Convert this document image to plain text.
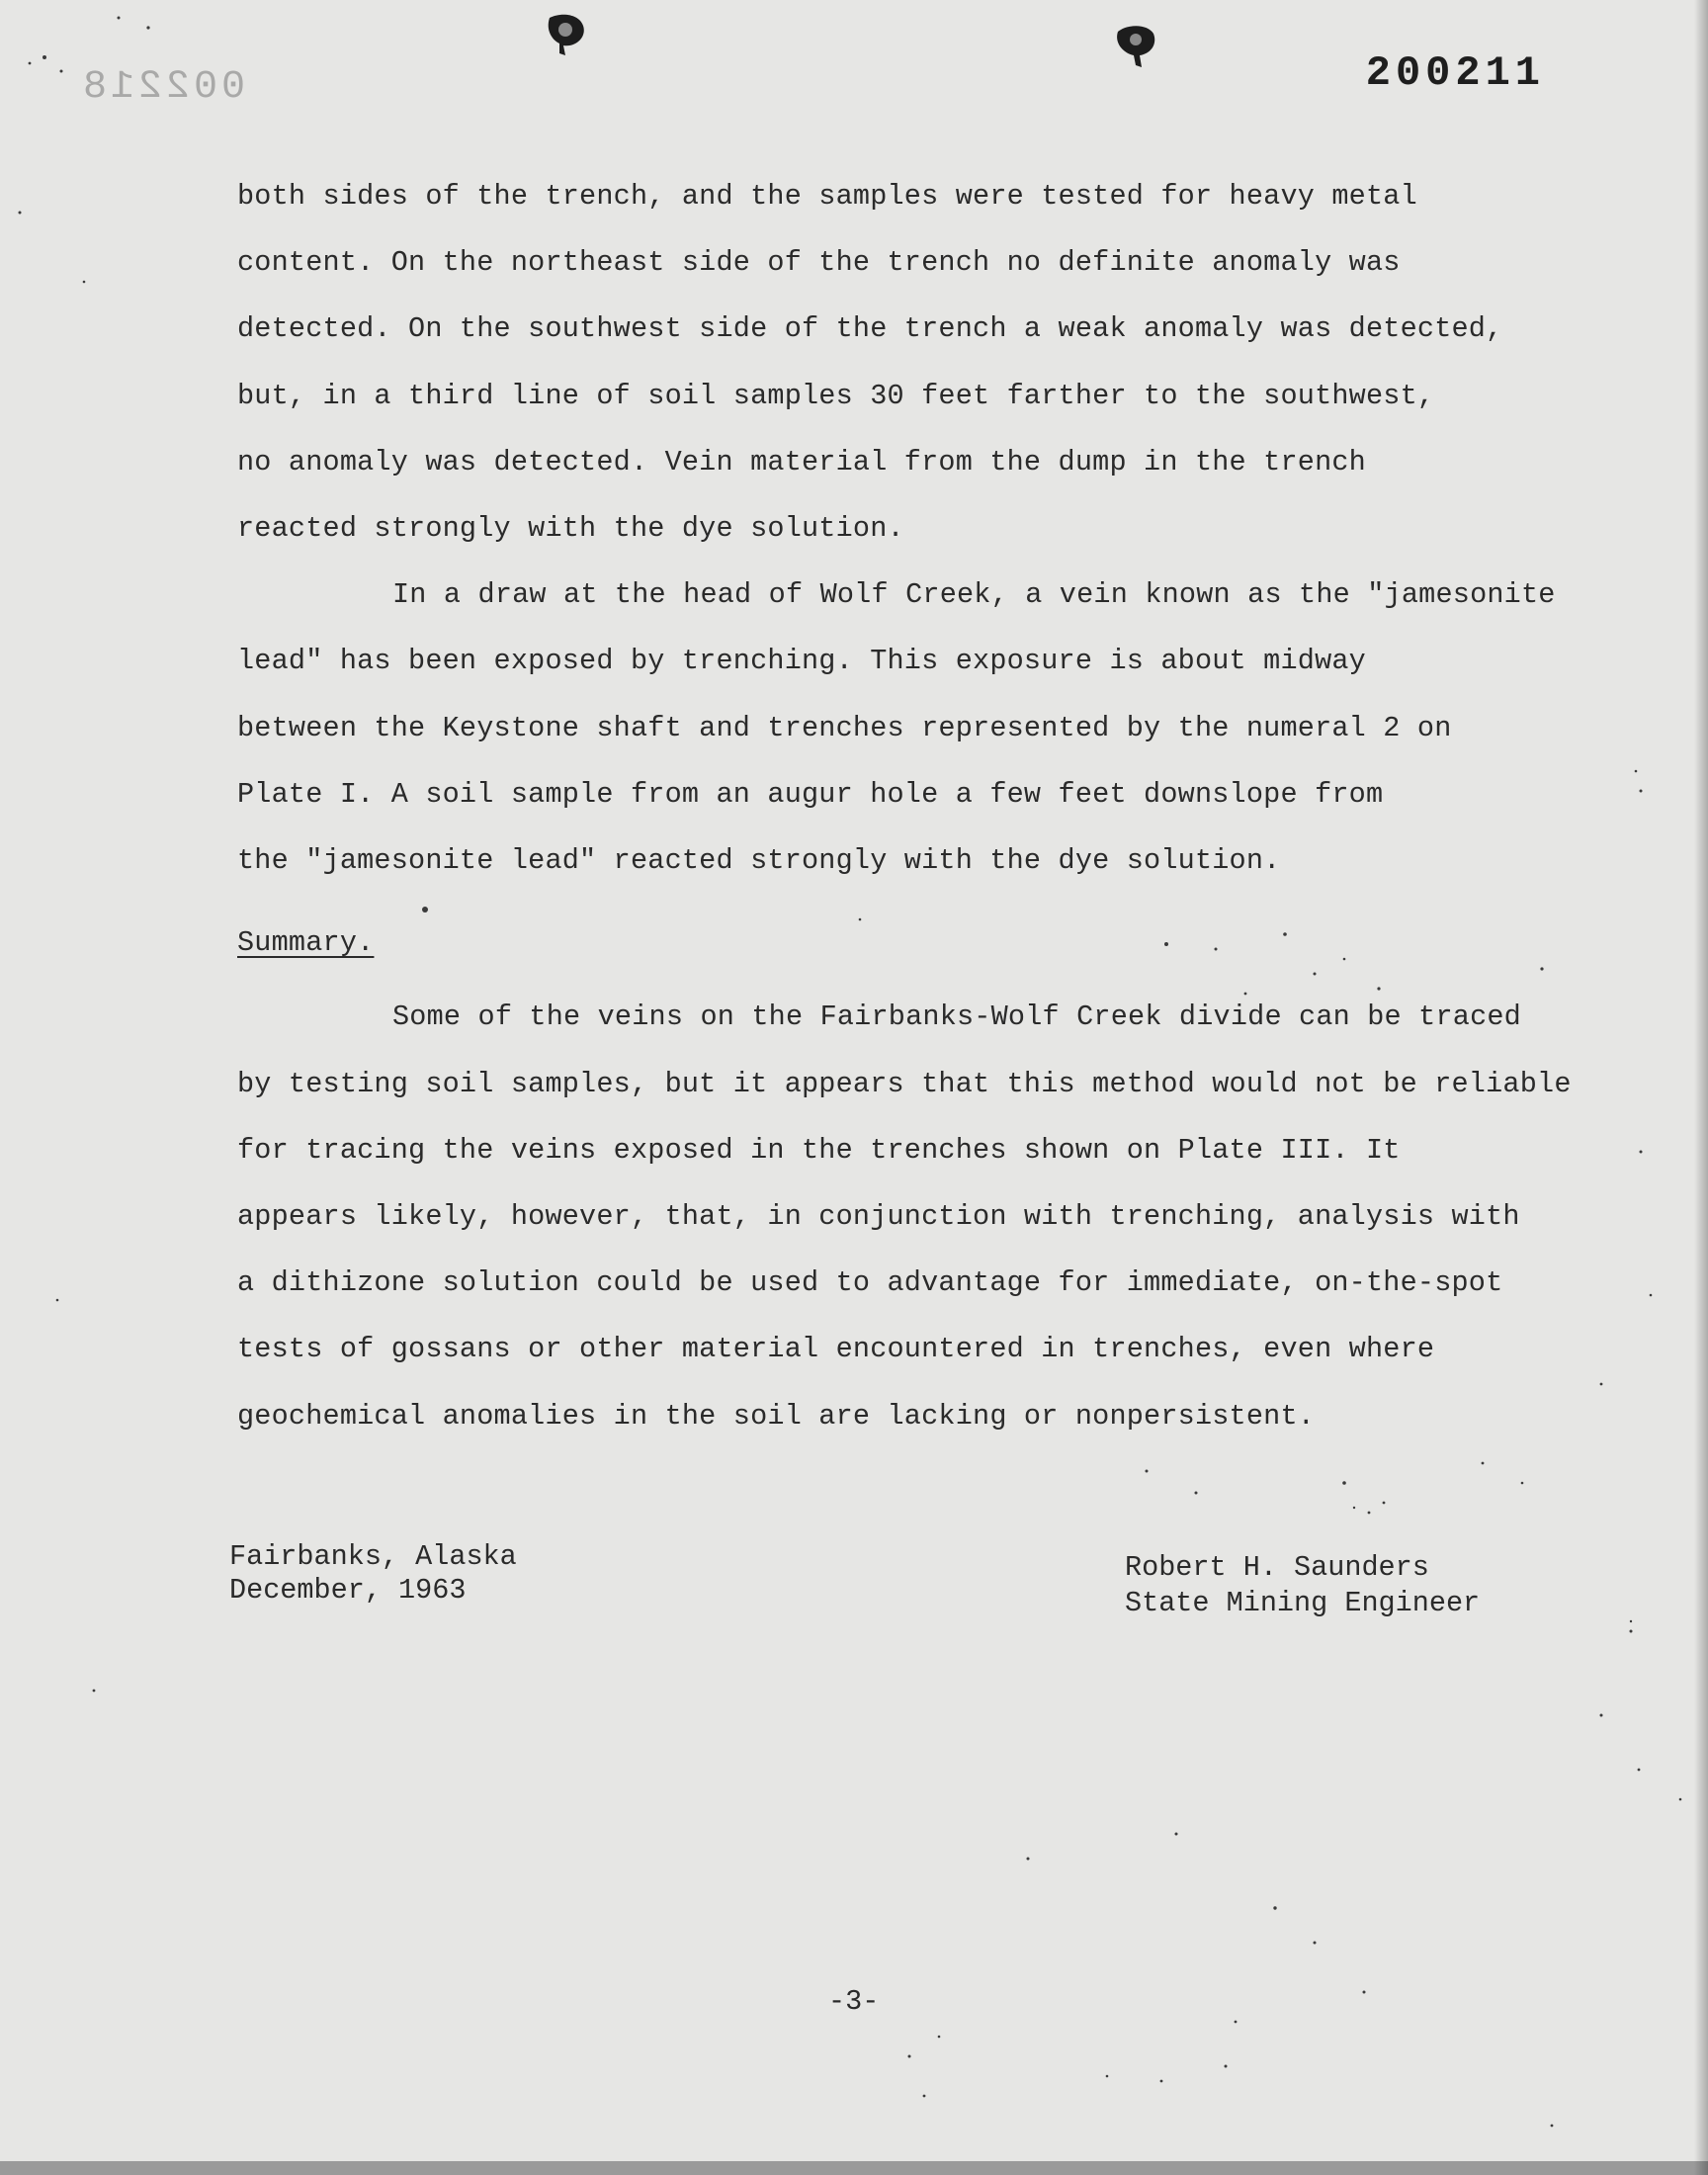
002218	200211

both sides of the trench, and the samples were tested for heavy metal
content. On the northeast side of the trench no definite anomaly was
detected. On the southwest side of the trench a weak anomaly was detected,
but, in a third line of soil samples 30 feet farther to the southwest,
no anomaly was detected. Vein material from the dump in the trench
reacted strongly with the dye solution.

In a draw at the head of Wolf Creek, a vein known as the "jamesonite
lead" has been exposed by trenching. This exposure is about midway
between the Keystone shaft and trenches represented by the numeral 2 on
Plate I. A soil sample from an augur hole a few feet downslope from
the "jamesonite lead" reacted strongly with the dye solution.

Summary.

Some of the veins on the Fairbanks-Wolf Creek divide can be traced
by testing soil samples, but it appears that this method would not be reliable
for tracing the veins exposed in the trenches shown on Plate III. It
appears likely, however, that, in conjunction with trenching, analysis with
a dithizone solution could be used to advantage for immediate, on-the-spot
tests of gossans or other material encountered in trenches, even where
geochemical anomalies in the soil are lacking or nonpersistent.

Fairbanks, Alaska
December, 1963
Robert H. Saunders
State Mining Engineer
-3-
